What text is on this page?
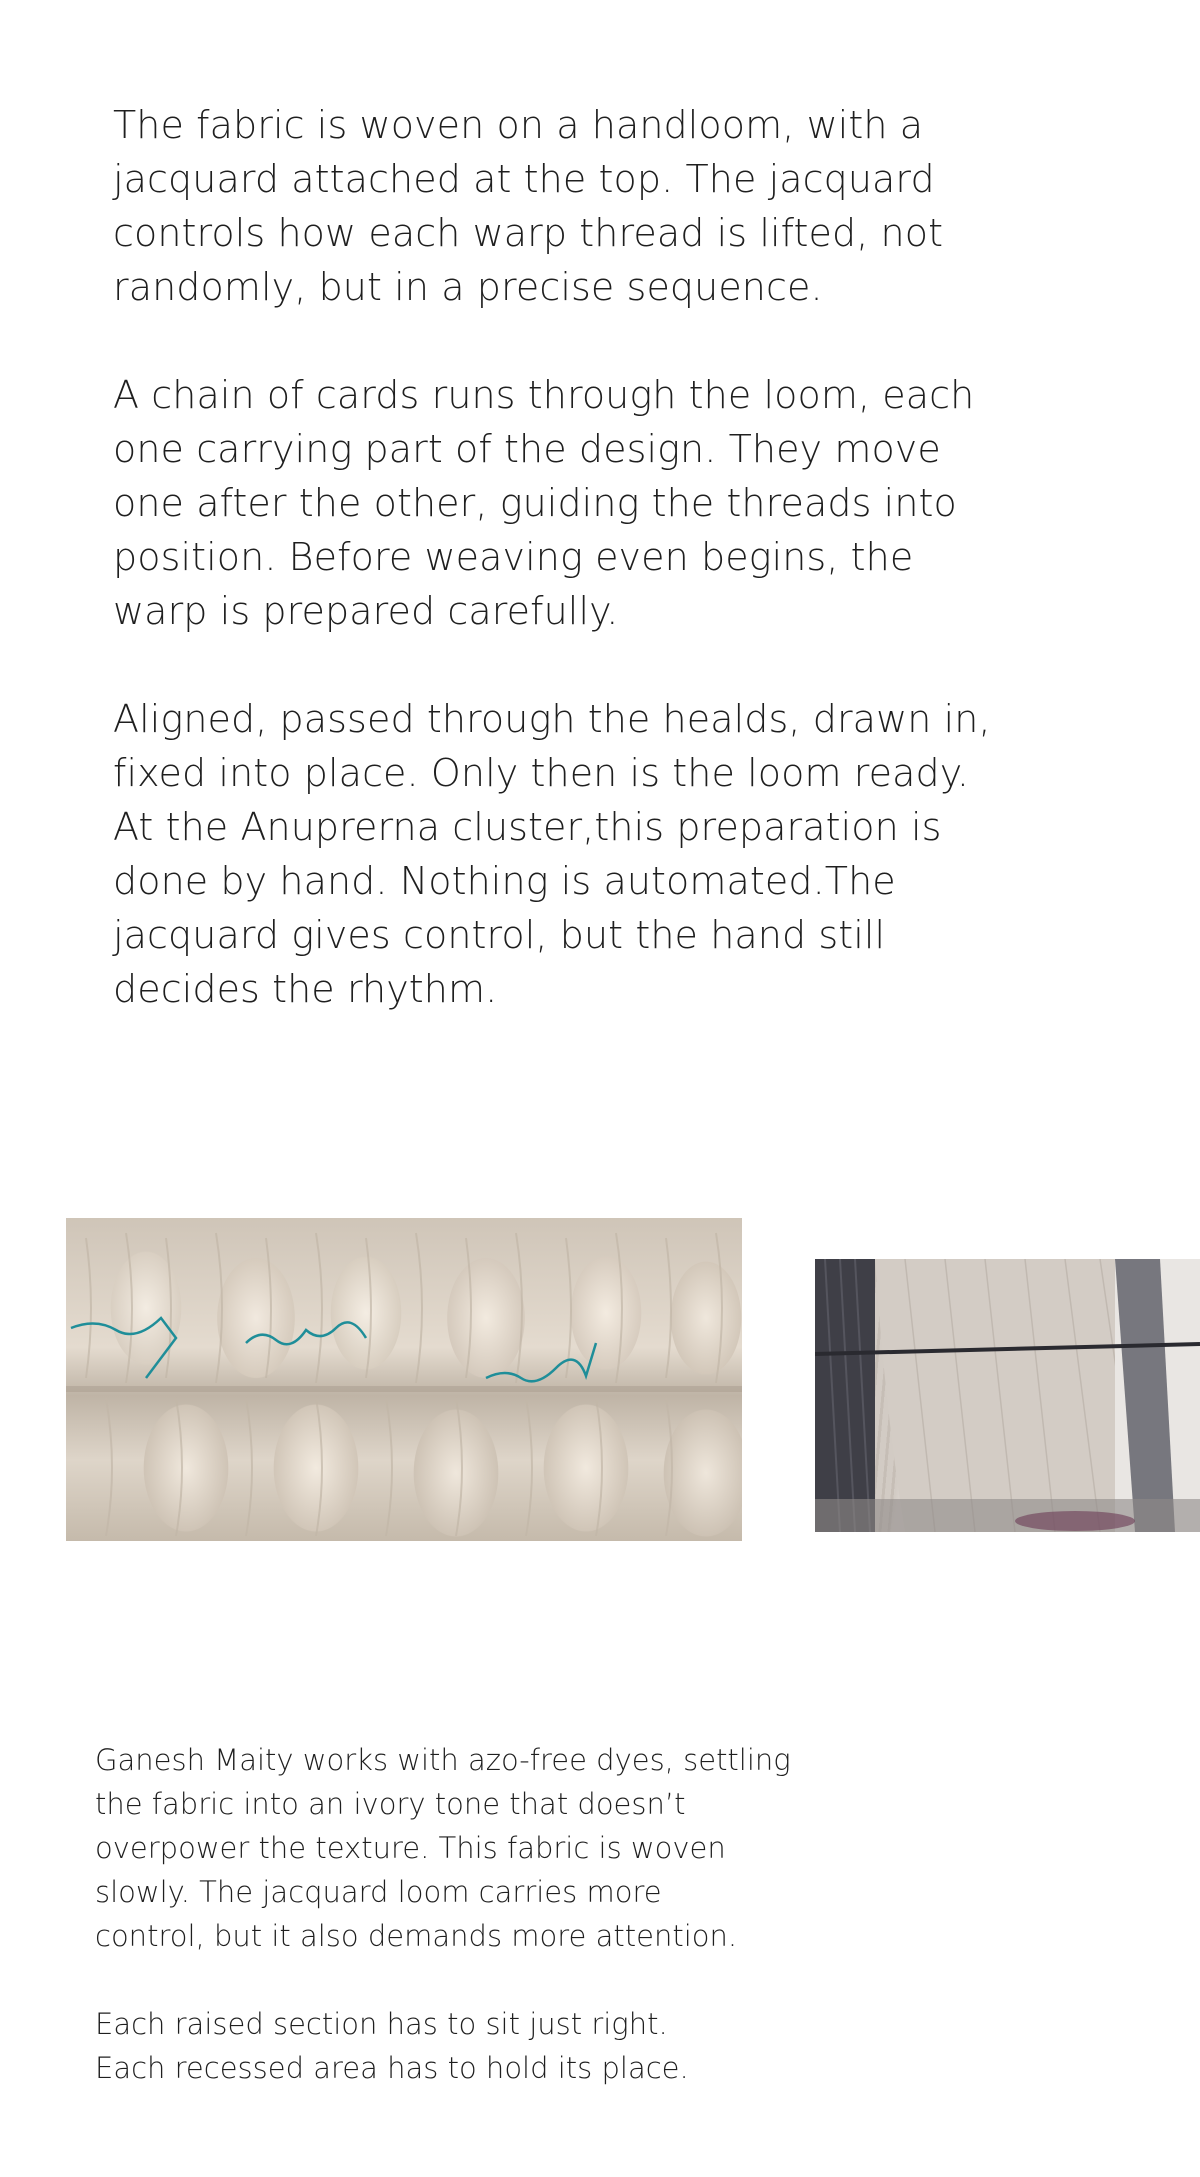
The fabric is woven on a handloom, with a
jacquard attached at the top. The jacquard
controls how each warp thread is lifted, not
randomly, but in a precise sequence.

A chain of cards runs through the loom, each
one carrying part of the design. They move
one after the other, guiding the threads into
position. Before weaving even begins, the
warp is prepared carefully.

Aligned, passed through the healds, drawn in,
fixed into place. Only then is the loom ready.
At the Anuprerna cluster,this preparation is
done by hand. Nothing is automated.The
jacquard gives control, but the hand still
decides the rhythm.

Ganesh Maity works with azo-free dyes, settling
the fabric into an ivory tone that doesn’t
overpower the texture. This fabric is woven
slowly. The jacquard loom carries more
control, but it also demands more attention.

Each raised section has to sit just right.
Each recessed area has to hold its place.
